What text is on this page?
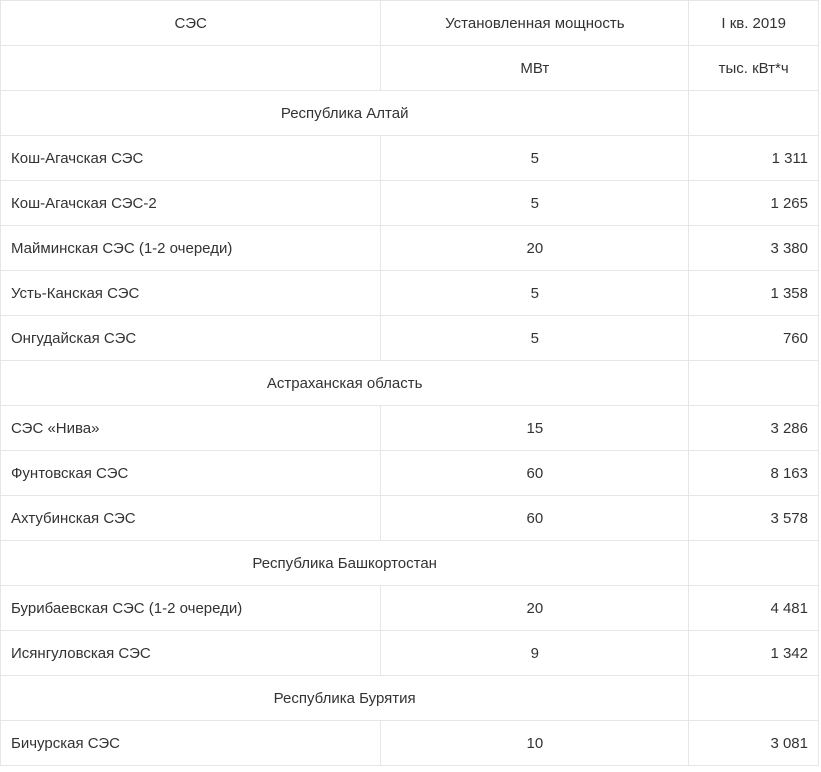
СЭС	Установленная мощность	I кв. 2019
	МВт	тыс. кВт*ч
Республика Алтай		
Кош-Агачская СЭС	5	1 311
Кош-Агачская СЭС-2	5	1 265
Майминская СЭС (1-2 очереди)	20	3 380
Усть-Канская СЭС	5	1 358
Онгудайская СЭС	5	760
Астраханская область		
СЭС «Нива»	15	3 286
Фунтовская СЭС	60	8 163
Ахтубинская СЭС	60	3 578
Республика Башкортостан		
Бурибаевская СЭС (1-2 очереди)	20	4 481
Исянгуловская СЭС	9	1 342
Республика Бурятия		
Бичурская СЭС	10	3 081
